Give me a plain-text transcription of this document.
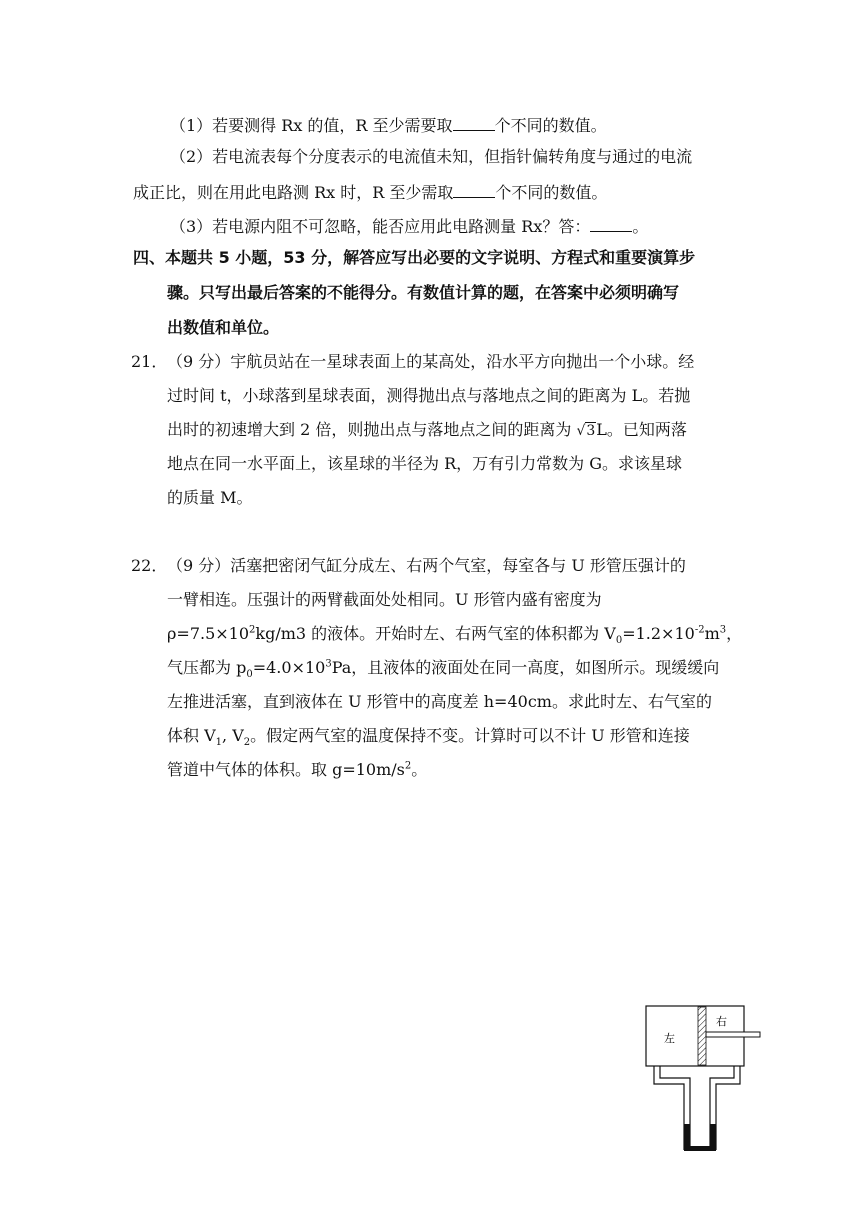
（1）若要测得 Rx 的值，R 至少需要取	个不同的数值。
（2）若电流表每个分度表示的电流值未知，但指针偏转角度与通过的电流
成正比，则在用此电路测 Rx 时，R 至少需取	个不同的数值。
（3）若电源内阻不可忽略，能否应用此电路测量 Rx？答：	。
四、本题共 5 小题，53 分，解答应写出必要的文字说明、方程式和重要演算步
骤。只写出最后答案的不能得分。有数值计算的题，在答案中必须明确写
出数值和单位。
21． （9 分）宇航员站在一星球表面上的某高处，沿水平方向抛出一个小球。经
过时间 t，小球落到星球表面，测得抛出点与落地点之间的距离为 L。若抛
出时的初速增大到 2 倍，则抛出点与落地点之间的距离为 √3L。已知两落
地点在同一水平面上，该星球的半径为 R，万有引力常数为 G。求该星球
的质量 M。
22． （9 分）活塞把密闭气缸分成左、右两个气室，每室各与 U 形管压强计的
一臂相连。压强计的两臂截面处处相同。U 形管内盛有密度为
$\rho=7.5\times 10^2kg/m3$ 的液体。开始时左、右两气室的体积都为 $V_0=1.2\times 10^{-2}m^3$，
气压都为 $p_0=4.0\times 10^3Pa$，且液体的液面处在同一高度，如图所示。现缓缓向
左推进活塞，直到液体在 U 形管中的高度差 h=40cm。求此时左、右气室的
体积 $V_1$, $V_2$。假定两气室的温度保持不变。计算时可以不计 U 形管和连接
管道中气体的体积。取 $g=10m/s^2$。
左
右
